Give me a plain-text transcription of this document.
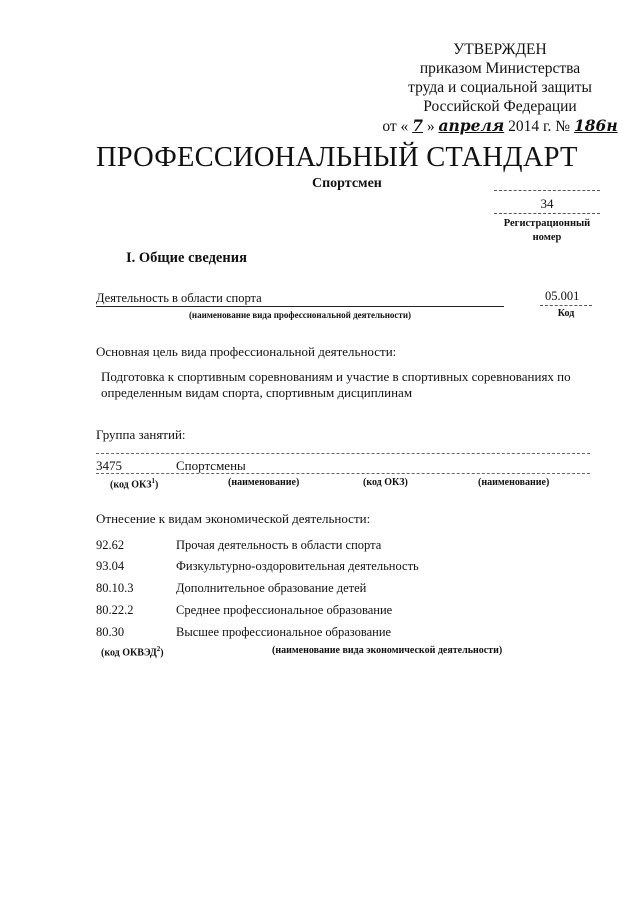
УТВЕРЖДЕН
приказом Министерства
труда и социальной защиты
Российской Федерации
от « 7 » апреля 2014 г. № 186н
ПРОФЕССИОНАЛЬНЫЙ СТАНДАРТ
Спортсмен
34
Регистрационный
номер
I. Общие сведения
Деятельность в области спорта
(наименование вида профессиональной деятельности)
05.001
Код
Основная цель вида профессиональной деятельности:
Подготовка к спортивным соревнованиям и участие в спортивных соревнованиях по определенным видам спорта, спортивным дисциплинам
Группа занятий:
3475	Спортсмены
(код ОКЗ$^1$)	(наименование)	(код ОКЗ)	(наименование)
Отнесение к видам экономической деятельности:
92.62	Прочая деятельность в области спорта
93.04	Физкультурно-оздоровительная деятельность
80.10.3	Дополнительное образование детей
80.22.2	Среднее профессиональное образование
80.30	Высшее профессиональное образование
(код ОКВЭД$^2$)	(наименование вида экономической деятельности)
